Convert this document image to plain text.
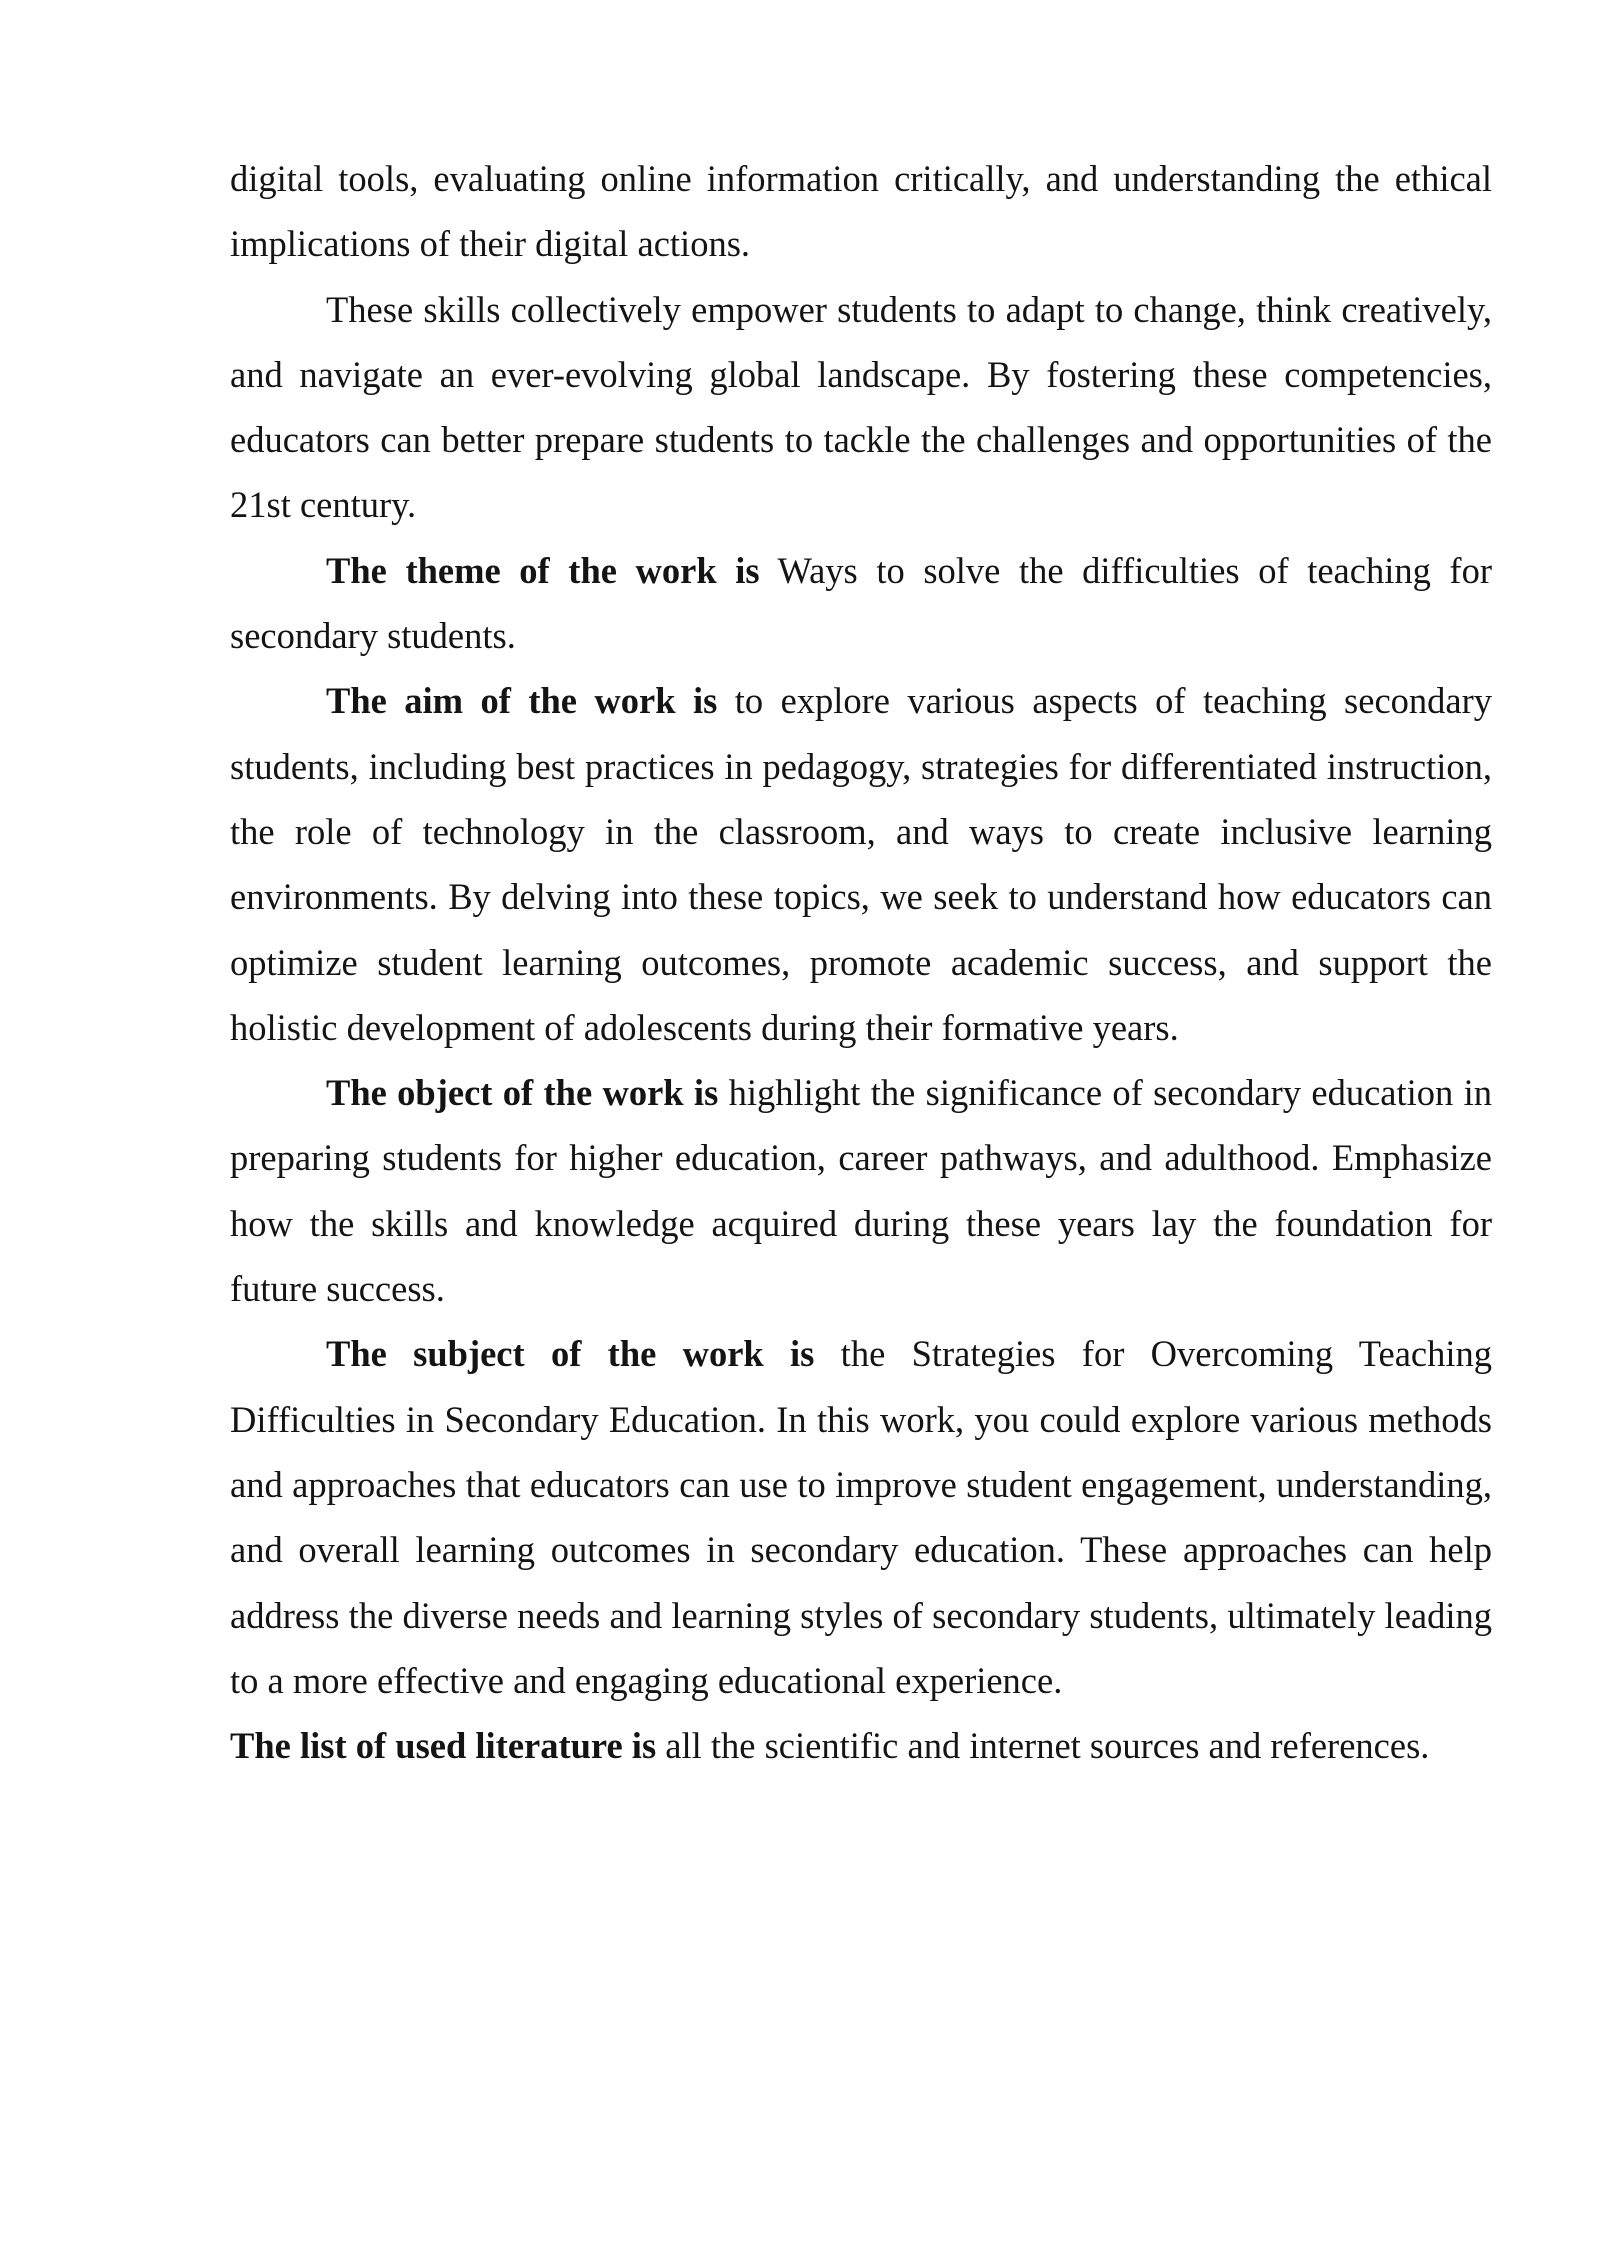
digital tools, evaluating online information critically, and understanding the ethical implications of their digital actions.

These skills collectively empower students to adapt to change, think creatively, and navigate an ever-evolving global landscape. By fostering these competencies, educators can better prepare students to tackle the challenges and opportunities of the 21st century.

The theme of the work is Ways to solve the difficulties of teaching for secondary students.

The aim of the work is to explore various aspects of teaching secondary students, including best practices in pedagogy, strategies for differentiated instruction, the role of technology in the classroom, and ways to create inclusive learning environments. By delving into these topics, we seek to understand how educators can optimize student learning outcomes, promote academic success, and support the holistic development of adolescents during their formative years.

The object of the work is highlight the significance of secondary education in preparing students for higher education, career pathways, and adulthood. Emphasize how the skills and knowledge acquired during these years lay the foundation for future success.

The subject of the work is the Strategies for Overcoming Teaching Difficulties in Secondary Education. In this work, you could explore various methods and approaches that educators can use to improve student engagement, understanding, and overall learning outcomes in secondary education. These approaches can help address the diverse needs and learning styles of secondary students, ultimately leading to a more effective and engaging educational experience.

The list of used literature is all the scientific and internet sources and references.
